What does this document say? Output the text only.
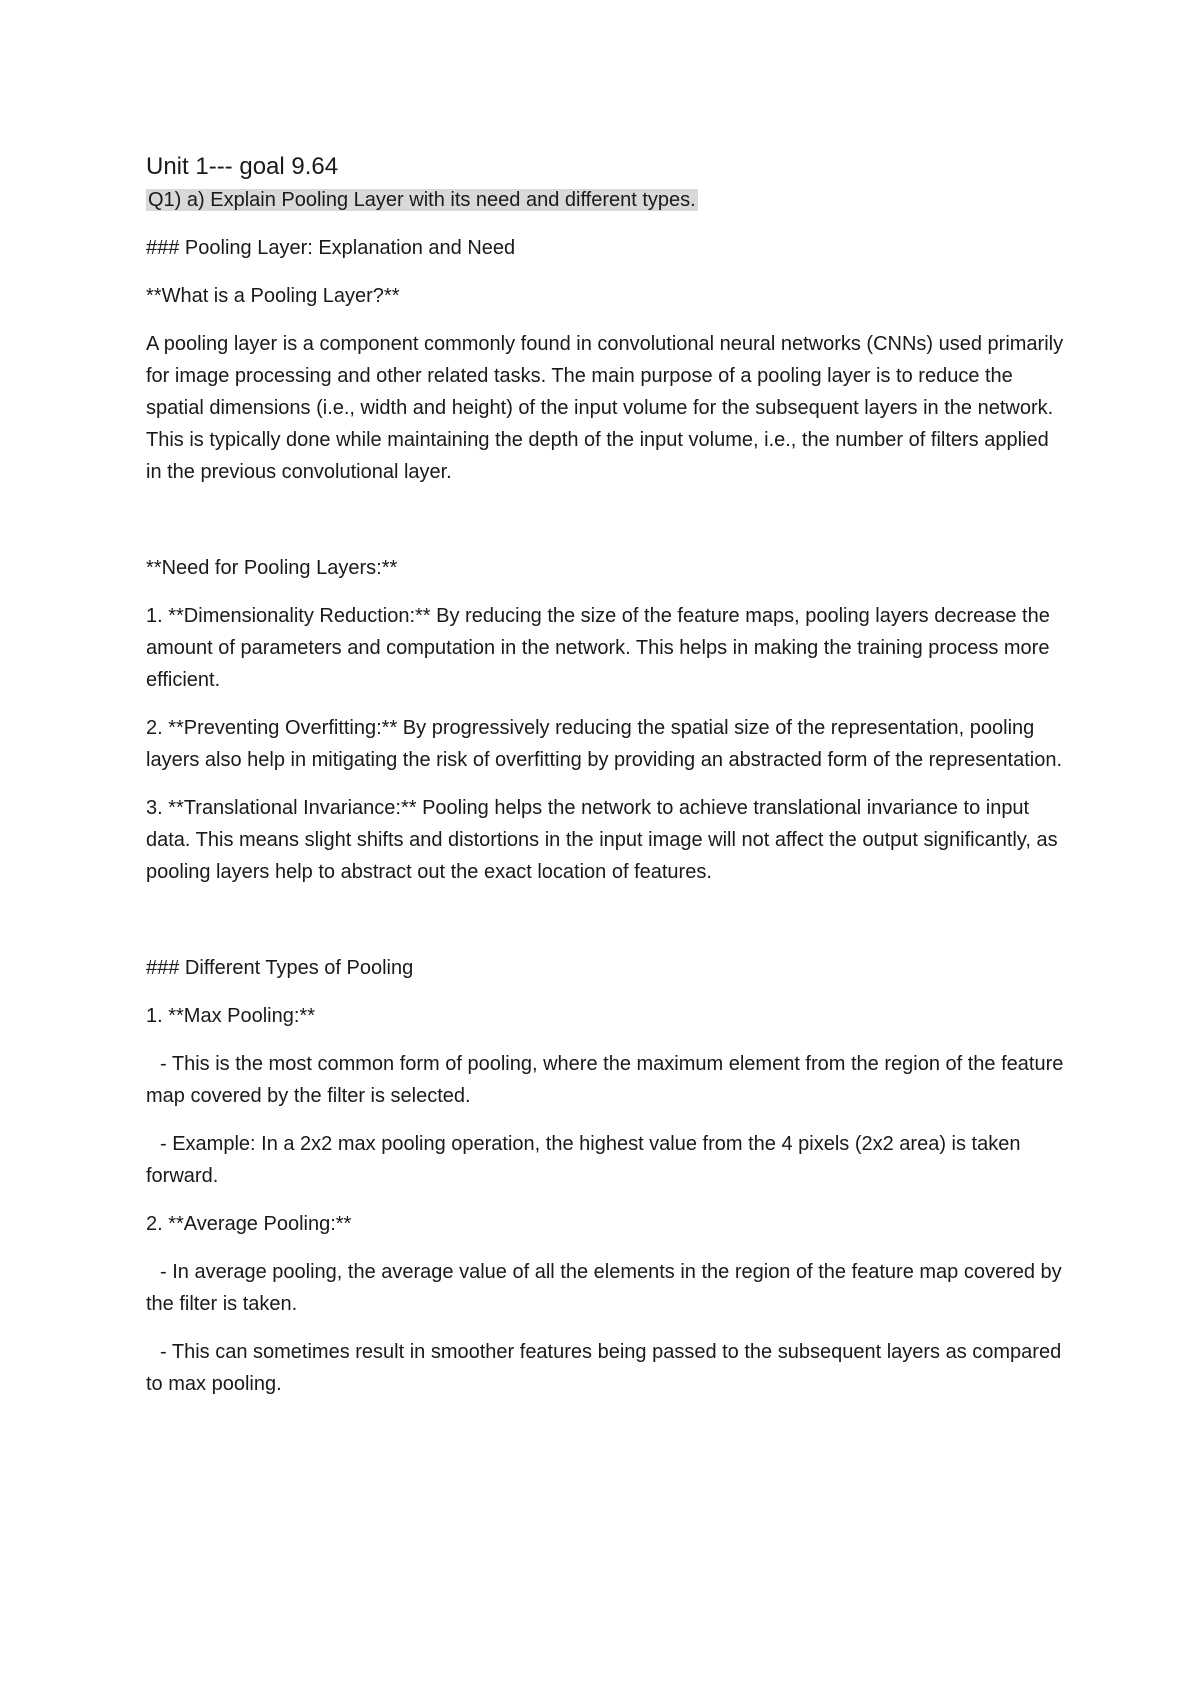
Unit 1--- goal 9.64

Q1) a) Explain Pooling Layer with its need and different types.

### Pooling Layer: Explanation and Need

**What is a Pooling Layer?**

A pooling layer is a component commonly found in convolutional neural networks (CNNs) used primarily for image processing and other related tasks. The main purpose of a pooling layer is to reduce the spatial dimensions (i.e., width and height) of the input volume for the subsequent layers in the network. This is typically done while maintaining the depth of the input volume, i.e., the number of filters applied in the previous convolutional layer.

**Need for Pooling Layers:**

1. **Dimensionality Reduction:** By reducing the size of the feature maps, pooling layers decrease the amount of parameters and computation in the network. This helps in making the training process more efficient.

2. **Preventing Overfitting:** By progressively reducing the spatial size of the representation, pooling layers also help in mitigating the risk of overfitting by providing an abstracted form of the representation.

3. **Translational Invariance:** Pooling helps the network to achieve translational invariance to input data. This means slight shifts and distortions in the input image will not affect the output significantly, as pooling layers help to abstract out the exact location of features.

### Different Types of Pooling

1. **Max Pooling:**

- This is the most common form of pooling, where the maximum element from the region of the feature map covered by the filter is selected.

- Example: In a 2x2 max pooling operation, the highest value from the 4 pixels (2x2 area) is taken forward.

2. **Average Pooling:**

- In average pooling, the average value of all the elements in the region of the feature map covered by the filter is taken.

- This can sometimes result in smoother features being passed to the subsequent layers as compared to max pooling.
